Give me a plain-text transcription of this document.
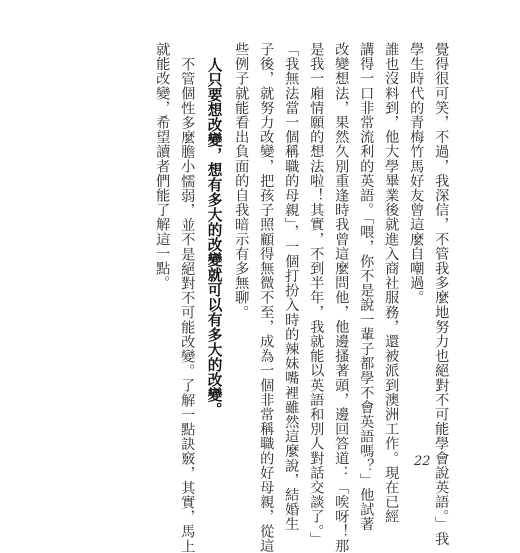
覺得很可笑，不過，我深信，不管我多麼地努力也絕對不可能學會說英語。」我
學生時代的青梅竹馬好友曾這麼自嘲過。
誰也沒料到，他大學畢業後就進入商社服務，還被派到澳洲工作。現在已經
講得一口非常流利的英語。「喂，你不是說一輩子都學不會英語嗎？」他試著
改變想法，果然久別重逢時我曾這麼問他，他邊搔著頭，邊回答道：「唉呀！那
是我一廂情願的想法啦！其實，不到半年，我就能以英語和別人對話交談了。」
「我無法當一個稱職的母親」，一個打扮入時的辣妹嘴裡雖然這麼說，結婚生
子後，就努力改變，把孩子照顧得無微不至，成為一個非常稱職的好母親，從這
些例子就能看出負面的自我暗示有多無聊。
人只要想改變，想有多大的改變就可以有多大的改變。
不管個性多麼膽小懦弱，並不是絕對不可能改變。了解一點訣竅，其實，馬上
就能改變，希望讀者們能了解這一點。
22
